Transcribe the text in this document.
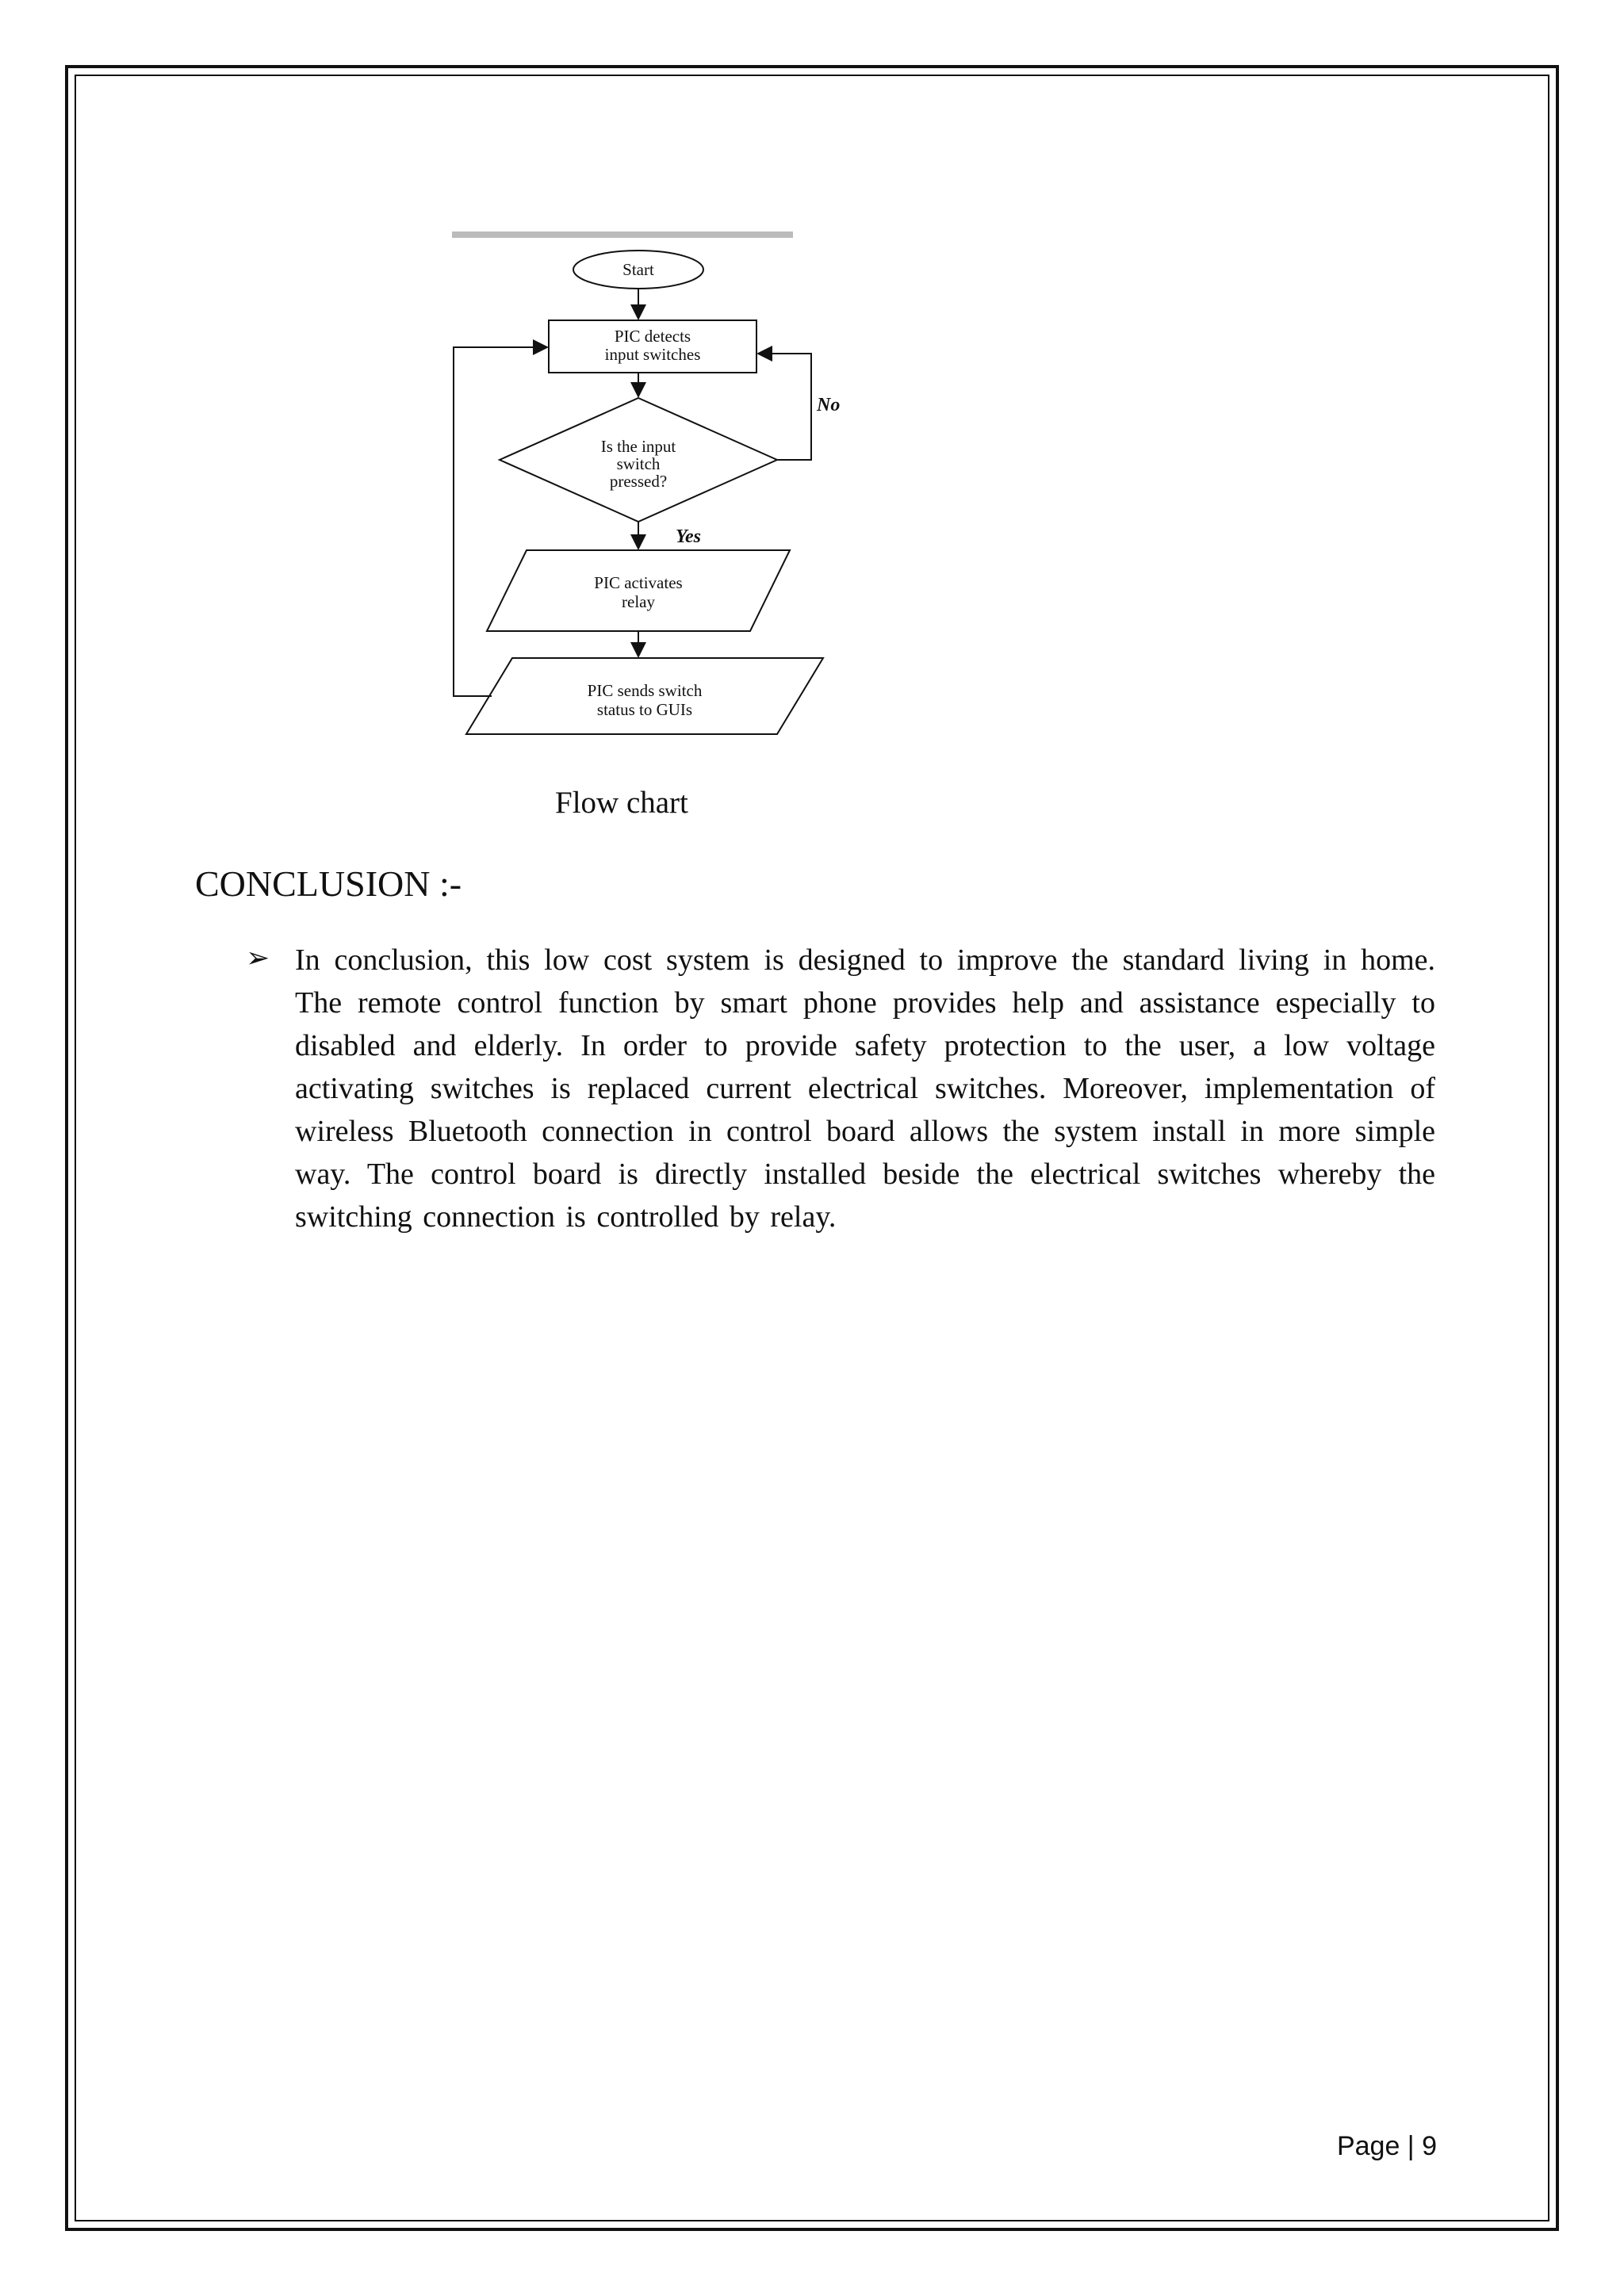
Start
PIC detects
input switches
Is the input
switch
pressed?
No
Yes
PIC activates
relay
PIC sends switch
status to GUIs
Flow chart
CONCLUSION :-
➢ In conclusion, this low cost system is designed to improve the standard living in home. The remote control function by smart phone provides help and assistance especially to disabled and elderly. In order to provide safety protection to the user, a low voltage activating switches is replaced current electrical switches. Moreover, implementation of wireless Bluetooth connection in control board allows the system install in more simple way. The control board is directly installed beside the electrical switches whereby the switching connection is controlled by relay.
Page | 9
